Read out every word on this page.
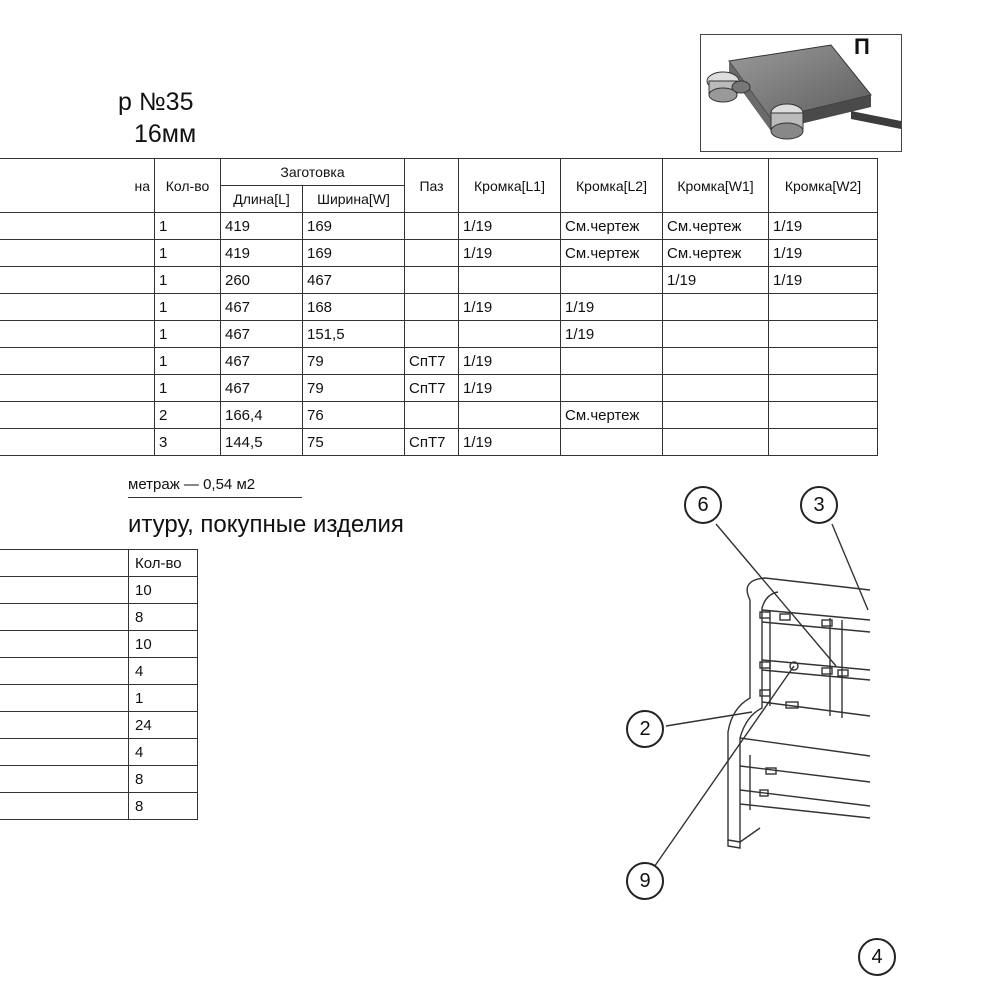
р №35
16мм
П
на	Кол-во	Заготовка		Паз	Кромка[L1]	Кромка[L2]	Кромка[W1]	Кромка[W2]
		Длина[L]	Ширина[W]					
	1	419	169		1/19	См.чертеж	См.чертеж	1/19
	1	419	169		1/19	См.чертеж	См.чертеж	1/19
	1	260	467				1/19	1/19
	1	467	168		1/19	1/19		
	1	467	151,5			1/19		
	1	467	79	СпТ7	1/19			
	1	467	79	СпТ7	1/19			
	2	166,4	76			См.чертеж		
	3	144,5	75	СпТ7	1/19			
метраж — 0,54 м2
итуру, покупные изделия
	Кол-во
	10
	8
	10
	4
	1
	24
	4
	8
	8
6	3
2
9
4
